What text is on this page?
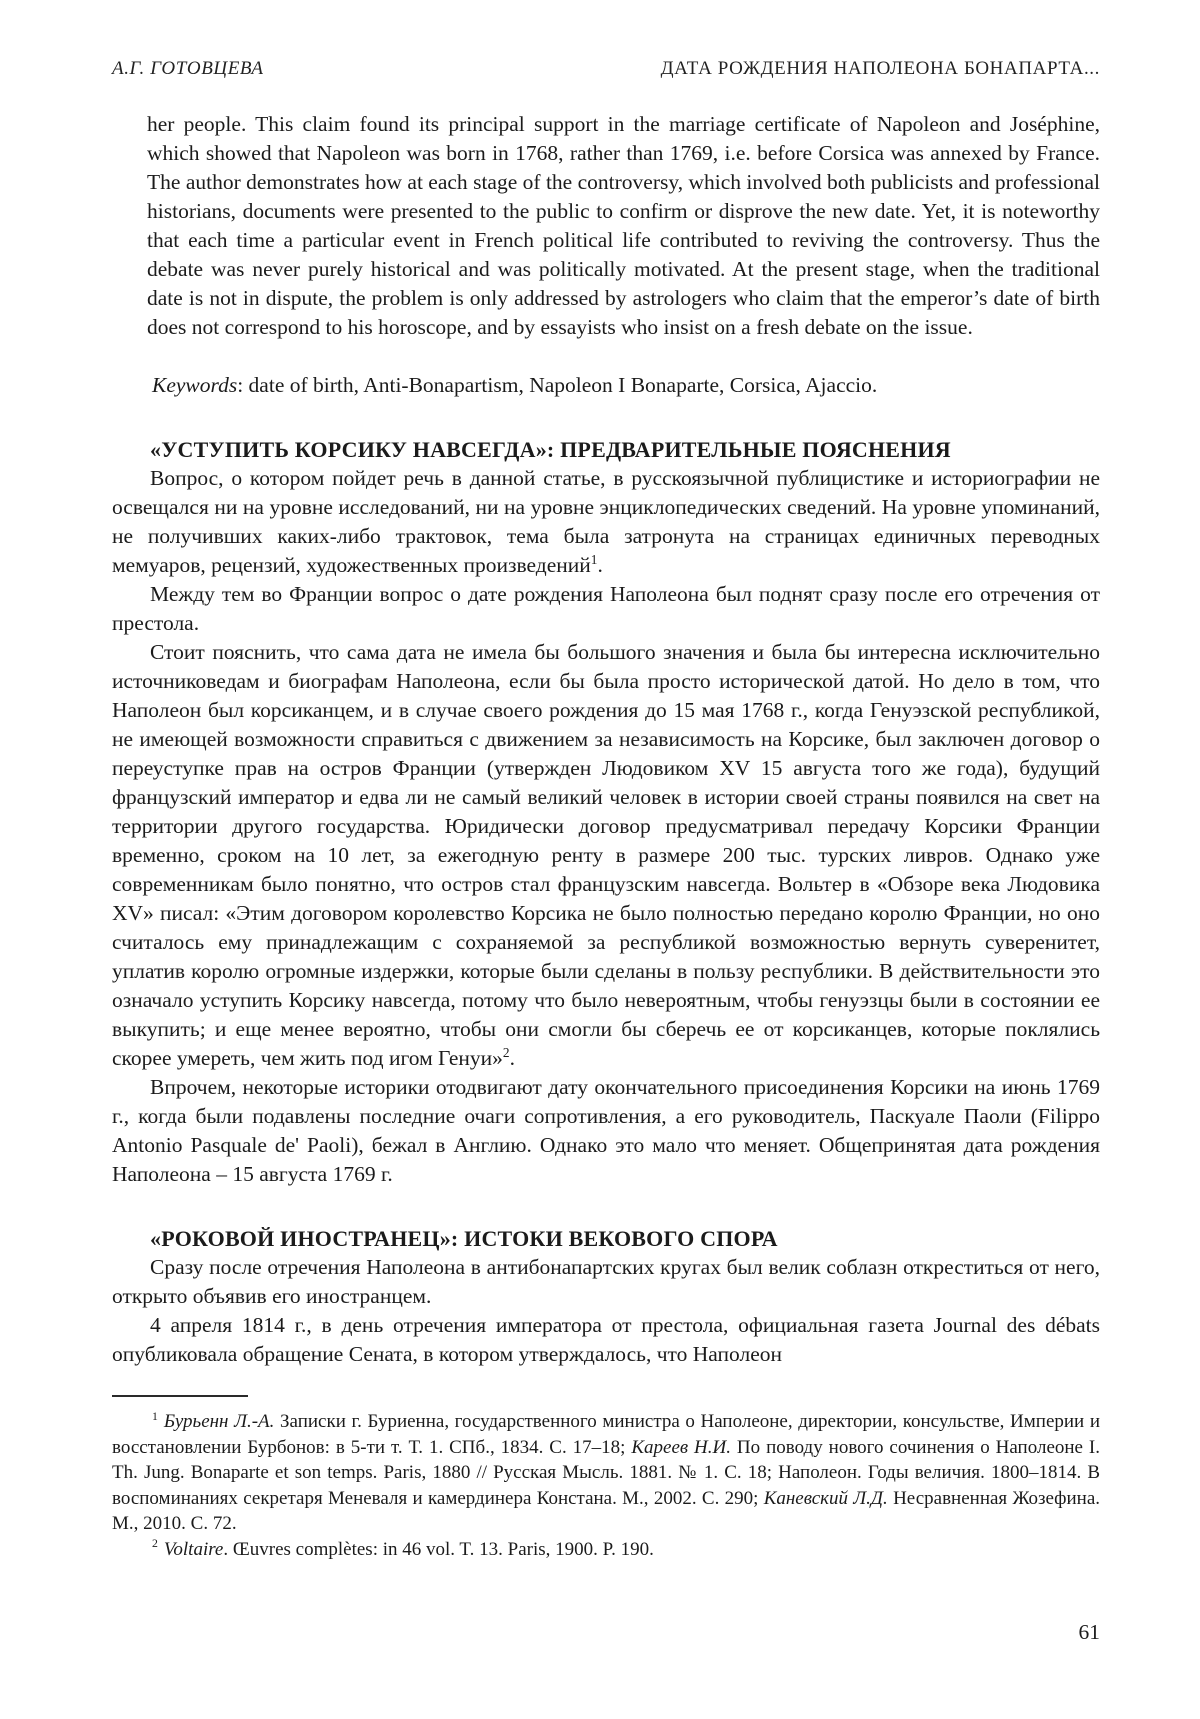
А.Г. ГОТОВЦЕВА	ДАТА РОЖДЕНИЯ НАПОЛЕОНА БОНАПАРТА...

her people. This claim found its principal support in the marriage certificate of Napoleon and Joséphine, which showed that Napoleon was born in 1768, rather than 1769, i.e. before Corsica was annexed by France. The author demonstrates how at each stage of the controversy, which involved both publicists and professional historians, documents were presented to the public to confirm or disprove the new date. Yet, it is noteworthy that each time a particular event in French political life contributed to reviving the controversy. Thus the debate was never purely historical and was politically motivated. At the present stage, when the traditional date is not in dispute, the problem is only addressed by astrologers who claim that the emperor’s date of birth does not correspond to his horoscope, and by essayists who insist on a fresh debate on the issue.

Keywords: date of birth, Anti-Bonapartism, Napoleon I Bonaparte, Corsica, Ajaccio.

«УСТУПИТЬ КОРСИКУ НАВСЕГДА»: ПРЕДВАРИТЕЛЬНЫЕ ПОЯСНЕНИЯ

Вопрос, о котором пойдет речь в данной статье, в русскоязычной публицистике и историографии не освещался ни на уровне исследований, ни на уровне энциклопедических сведений. На уровне упоминаний, не получивших каких-либо трактовок, тема была затронута на страницах единичных переводных мемуаров, рецензий, художественных произведений$^1$.

Между тем во Франции вопрос о дате рождения Наполеона был поднят сразу после его отречения от престола.

Стоит пояснить, что сама дата не имела бы большого значения и была бы интересна исключительно источниковедам и биографам Наполеона, если бы была просто исторической датой. Но дело в том, что Наполеон был корсиканцем, и в случае своего рождения до 15 мая 1768 г., когда Генуэзской республикой, не имеющей возможности справиться с движением за независимость на Корсике, был заключен договор о переуступке прав на остров Франции (утвержден Людовиком XV 15 августа того же года), будущий французский император и едва ли не самый великий человек в истории своей страны появился на свет на территории другого государства. Юридически договор предусматривал передачу Корсики Франции временно, сроком на 10 лет, за ежегодную ренту в размере 200 тыс. турских ливров. Однако уже современникам было понятно, что остров стал французским навсегда. Вольтер в «Обзоре века Людовика XV» писал: «Этим договором королевство Корсика не было полностью передано королю Франции, но оно считалось ему принадлежащим с сохраняемой за республикой возможностью вернуть суверенитет, уплатив королю огромные издержки, которые были сделаны в пользу республики. В действительности это означало уступить Корсику навсегда, потому что было невероятным, чтобы генуэзцы были в состоянии ее выкупить; и еще менее вероятно, чтобы они смогли бы сберечь ее от корсиканцев, которые поклялись скорее умереть, чем жить под игом Генуи»$^2$.

Впрочем, некоторые историки отодвигают дату окончательного присоединения Корсики на июнь 1769 г., когда были подавлены последние очаги сопротивления, а его руководитель, Паскуале Паоли (Filippo Antonio Pasquale de' Paoli), бежал в Англию. Однако это мало что меняет. Общепринятая дата рождения Наполеона – 15 августа 1769 г.

«РОКОВОЙ ИНОСТРАНЕЦ»: ИСТОКИ ВЕКОВОГО СПОРА

Сразу после отречения Наполеона в антибонапартских кругах был велик соблазн откреститься от него, открыто объявив его иностранцем.

4 апреля 1814 г., в день отречения императора от престола, официальная газета Journal des débats опубликовала обращение Сената, в котором утверждалось, что Наполеон

$^1$ Бурьенн Л.-А. Записки г. Буриенна, государственного министра о Наполеоне, директории, консульстве, Империи и восстановлении Бурбонов: в 5-ти т. Т. 1. СПб., 1834. С. 17–18; Кареев Н.И. По поводу нового сочинения о Наполеоне I. Th. Jung. Bonaparte et son temps. Paris, 1880 // Русская Мысль. 1881. № 1. С. 18; Наполеон. Годы величия. 1800–1814. В воспоминаниях секретаря Меневаля и камердинера Констана. М., 2002. С. 290; Каневский Л.Д. Несравненная Жозефина. М., 2010. С. 72.

$^2$ Voltaire. Œuvres complètes: in 46 vol. T. 13. Paris, 1900. P. 190.

61
